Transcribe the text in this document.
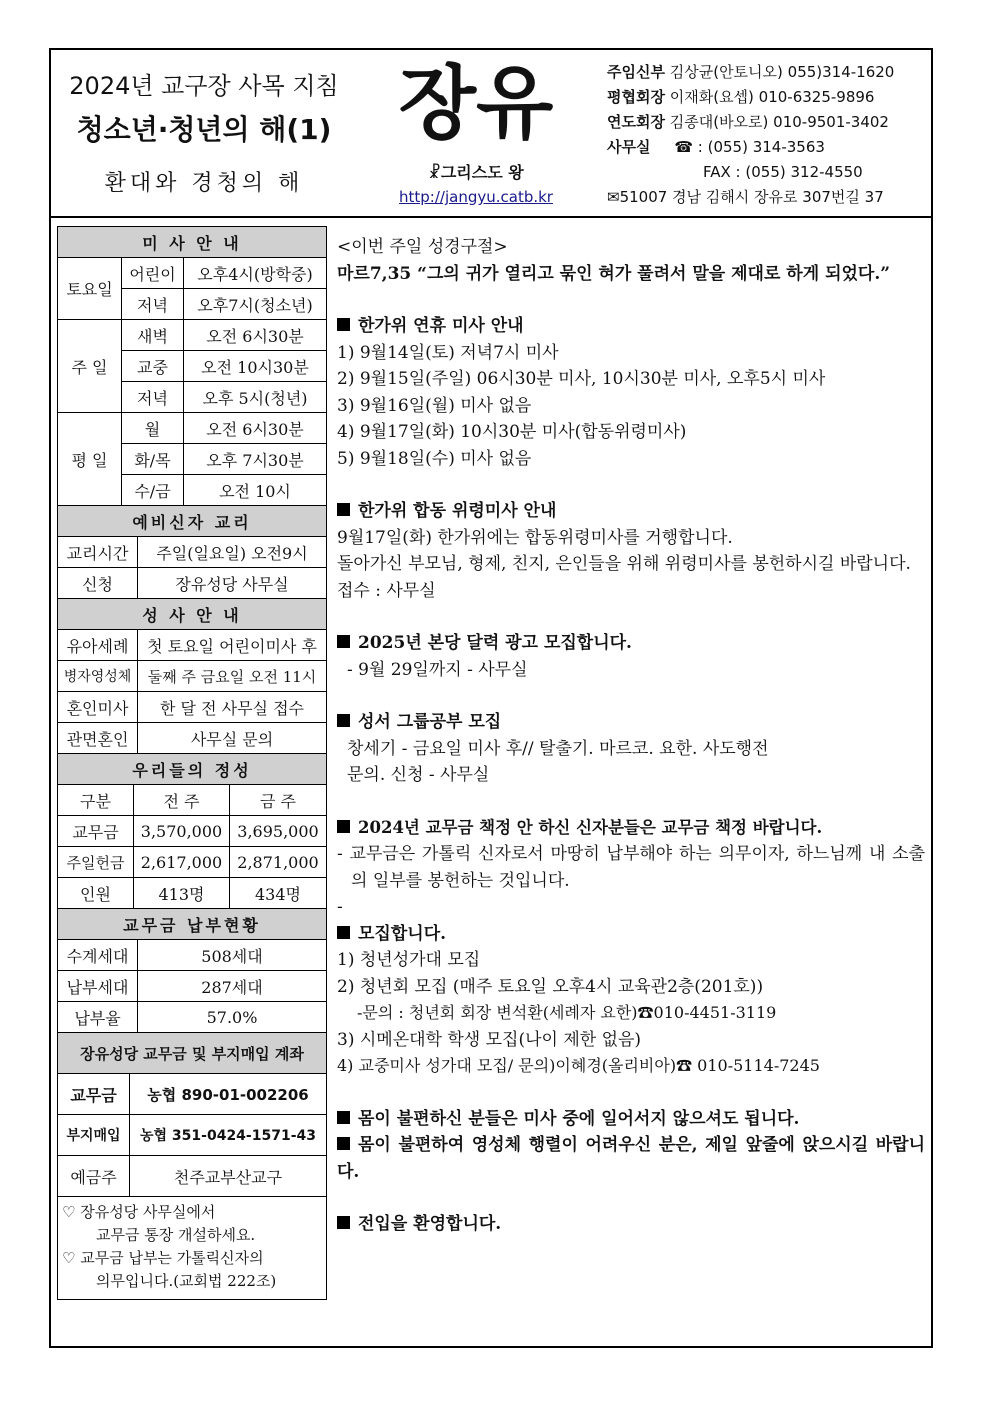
2024년 교구장 사목 지침
청소년·청년의 해(1)
환대와 경청의 해
장유
☧그리스도 왕
http://jangyu.catb.kr
주임신부 김상균(안토니오) 055)314-1620
평협회장 이재화(요셉) 010-6325-9896
연도회장 김종대(바오로) 010-9501-3402
사무실 ☎ : (055) 314-3563
FAX : (055) 312-4550
✉51007 경남 김해시 장유로 307번길 37
미 사 안 내		
토요일	어린이	오후4시(방학중)
	저녁	오후7시(청소년)
주 일	새벽	오전 6시30분
	교중	오전 10시30분
	저녁	오후 5시(청년)
평 일	월	오전 6시30분
	화/목	오후 7시30분
	수/금	오전 10시
예비신자 교리	
교리시간	주일(일요일) 오전9시
신청	장유성당 사무실
성 사 안 내	
유아세례	첫 토요일 어린이미사 후
병자영성체	둘째 주 금요일 오전 11시
혼인미사	한 달 전 사무실 접수
관면혼인	사무실 문의
우리들의 정성		
구분	전 주	금 주
교무금	3,570,000	3,695,000
주일헌금	2,617,000	2,871,000
인원	413명	434명
교무금 납부현황	
수계세대	508세대
납부세대	287세대
납부율	57.0%
장유성당 교무금 및 부지매입 계좌	
교무금	농협 890-01-002206
부지매입	농협 351-0424-1571-43
예금주	천주교부산교구
♡ 장유성당 사무실에서
교무금 통장 개설하세요.
♡ 교무금 납부는 가톨릭신자의
의무입니다.(교회법 222조)

<이번 주일 성경구절>

마르7,35 “그의 귀가 열리고 묶인 혀가 풀려서 말을 제대로 하게 되었다.”

한가위 연휴 미사 안내

1) 9월14일(토) 저녁7시 미사

2) 9월15일(주일) 06시30분 미사, 10시30분 미사, 오후5시 미사

3) 9월16일(월) 미사 없음

4) 9월17일(화) 10시30분 미사(합동위령미사)

5) 9월18일(수) 미사 없음

한가위 합동 위령미사 안내

9월17일(화) 한가위에는 합동위령미사를 거행합니다.

돌아가신 부모님, 형제, 친지, 은인들을 위해 위령미사를 봉헌하시길 바랍니다.

접수 : 사무실

2025년 본당 달력 광고 모집합니다.

- 9월 29일까지 - 사무실

성서 그룹공부 모집

창세기 - 금요일 미사 후// 탈출기. 마르코. 요한. 사도행전

문의. 신청 - 사무실

2024년 교무금 책정 안 하신 신자분들은 교무금 책정 바랍니다.

- 교무금은 가톨릭 신자로서 마땅히 납부해야 하는 의무이자, 하느님께 내 소출의 일부를 봉헌하는 것입니다.

-

모집합니다.

1) 청년성가대 모집

2) 청년회 모집 (매주 토요일 오후4시 교육관2층(201호))

-문의 : 청년회 회장 변석환(세례자 요한)☎010-4451-3119

3) 시메온대학 학생 모집(나이 제한 없음)

4) 교중미사 성가대 모집/ 문의)이혜경(올리비아)☎ 010-5114-7245

몸이 불편하신 분들은 미사 중에 일어서지 않으셔도 됩니다.

몸이 불편하여 영성체 행렬이 어려우신 분은, 제일 앞줄에 앉으시길 바랍니다.

전입을 환영합니다.
